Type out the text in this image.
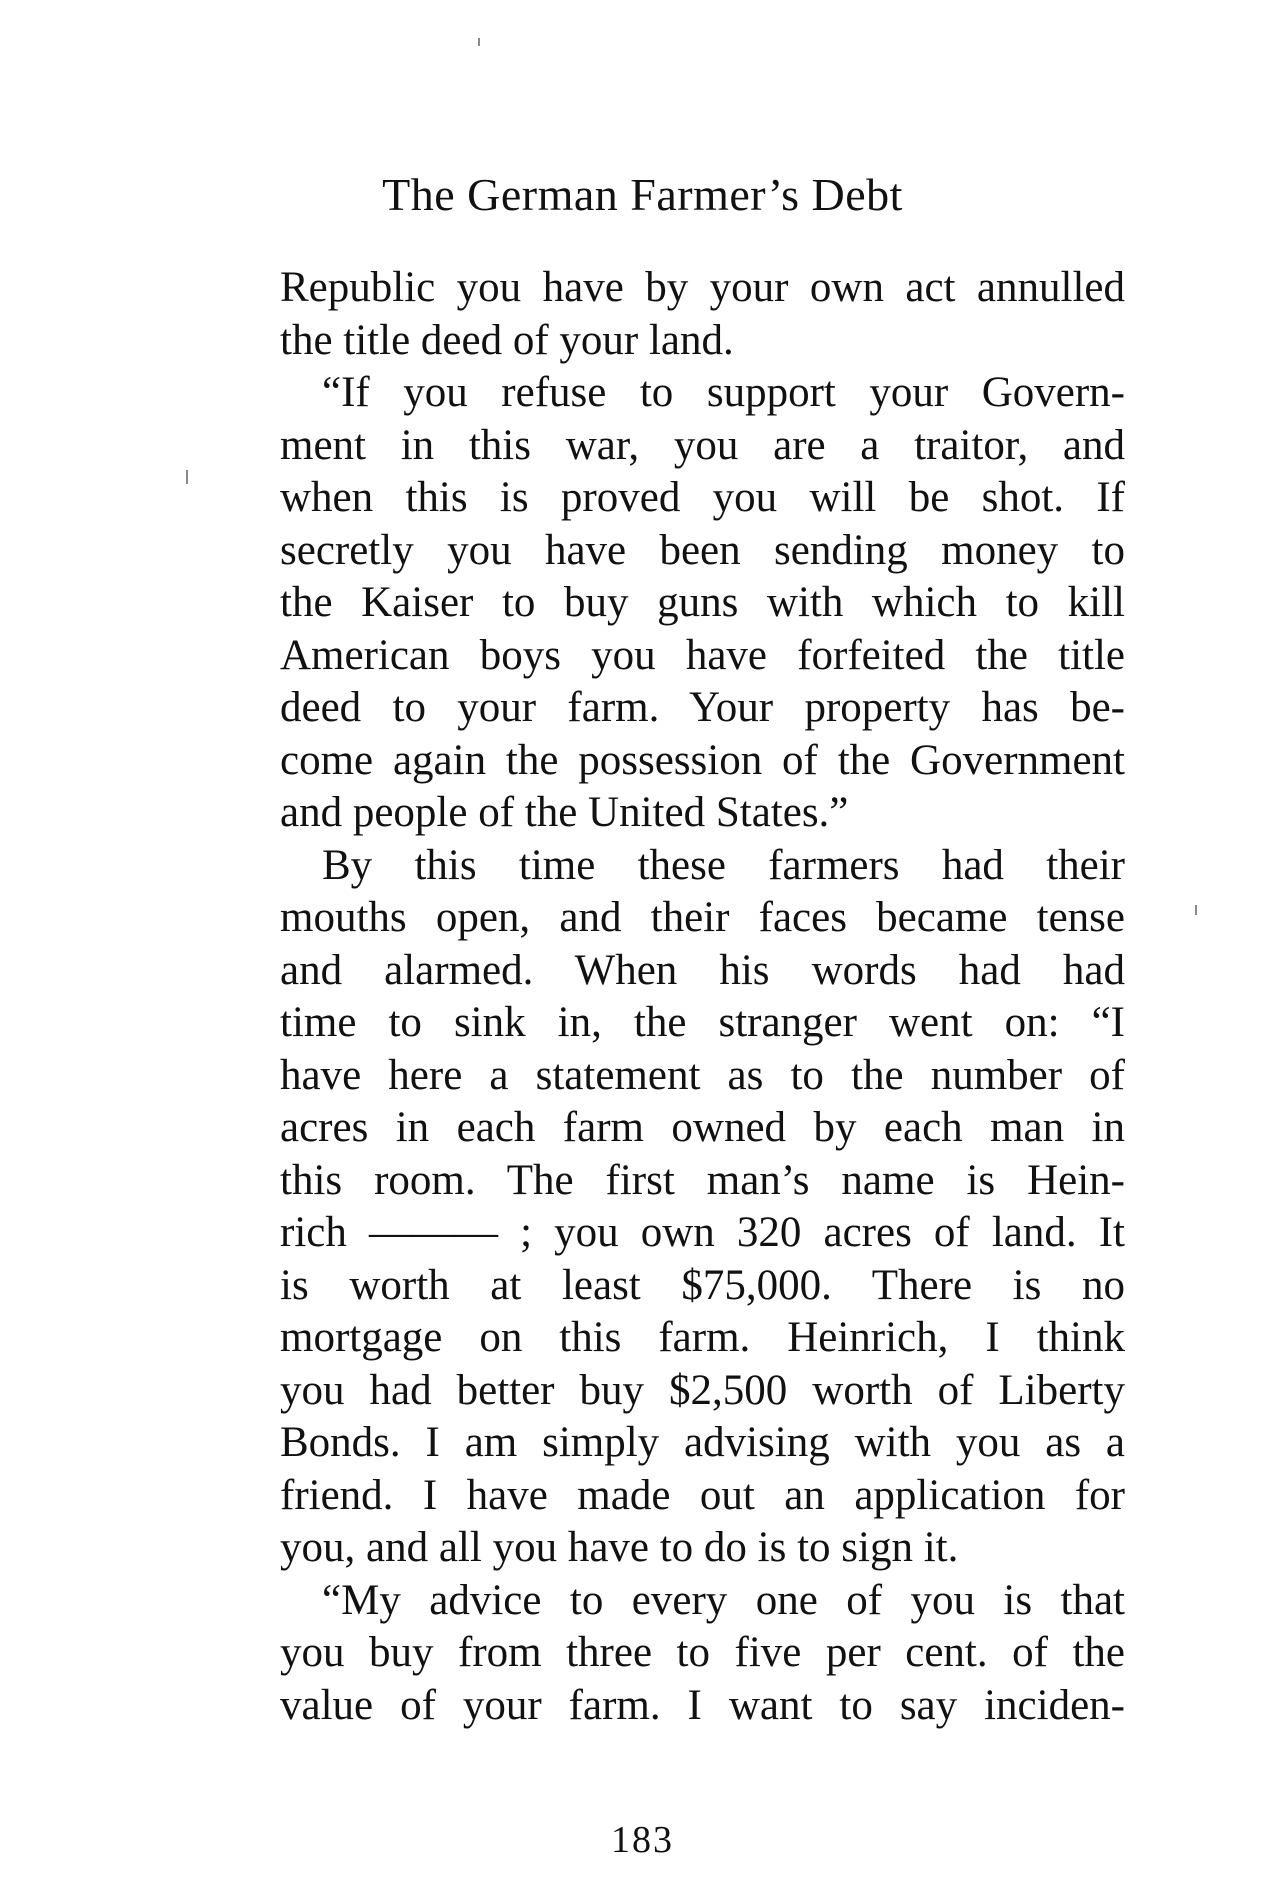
The German Farmer’s Debt
Republic you have by your own act annulled
the title deed of your land.
“If you refuse to support your Govern-
ment in this war, you are a traitor, and
when this is proved you will be shot. If
secretly you have been sending money to
the Kaiser to buy guns with which to kill
American boys you have forfeited the title
deed to your farm. Your property has be-
come again the possession of the Government
and people of the United States.”
By this time these farmers had their
mouths open, and their faces became tense
and alarmed. When his words had had
time to sink in, the stranger went on: “I
have here a statement as to the number of
acres in each farm owned by each man in
this room. The first man’s name is Hein-
rich ——— ; you own 320 acres of land. It
is worth at least $75,000. There is no
mortgage on this farm. Heinrich, I think
you had better buy $2,500 worth of Liberty
Bonds. I am simply advising with you as a
friend. I have made out an application for
you, and all you have to do is to sign it.
“My advice to every one of you is that
you buy from three to five per cent. of the
value of your farm. I want to say inciden-
183
